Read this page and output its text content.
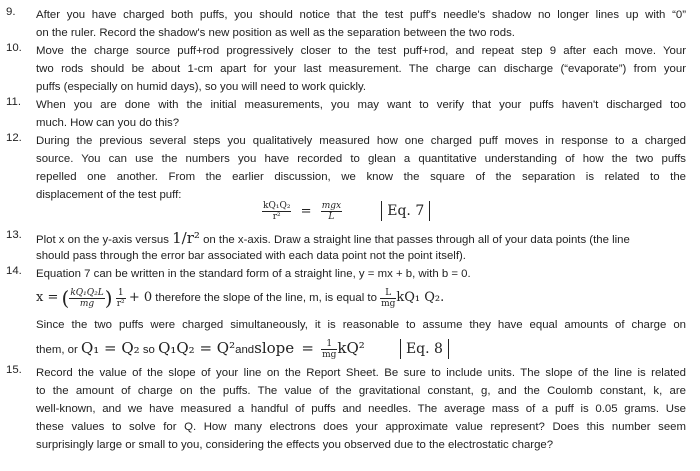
9. After you have charged both puffs, you should notice that the test puff's needle's shadow no longer lines up with “0”
on the ruler. Record the shadow's new position as well as the separation between the two rods.
10. Move the charge source puff+rod progressively closer to the test puff+rod, and repeat step 9 after each move. Your
two rods should be about 1-cm apart for your last measurement. The charge can discharge (“evaporate”) from your
puffs (especially on humid days), so you will need to work quickly.
11. When you are done with the initial measurements, you may want to verify that your puffs haven't discharged too
much. How can you do this?
12. During the previous several steps you qualitatively measured how one charged puff moves in response to a charged
source. You can use the numbers you have recorded to glean a quantitative understanding of how the two puffs
repelled one another. From the earlier discussion, we know the square of the separation is related to the
displacement of the test puff:
$\frac{\text{kQ₁Q₂}}{\text{r²}} = \frac{\text{mgx}}{L}$	Eq. 7
13. Plot x on the y-axis versus 1/r² on the x-axis. Draw a straight line that passes through all of your data points (the line
should pass through the error bar associated with each data point not the point itself).
14. Equation 7 can be written in the standard form of a straight line, y = mx + b, with b = 0.
x = ( $\frac{\text{kQ₁Q₂L}}{mg}$ ) $\frac{1}{\text{r²}} + 0$ therefore the slope of the line, m, is equal to $\frac{L}{mg} kQ_1$ Q₂.
Since the two puffs were charged simultaneously, it is reasonable to assume they have equal amounts of charge on
them, or Q₁ = Q₂ so Q₁Q₂ = Q²andslope = $\frac{1}{mg} kQ^2$	Eq. 8
15. Record the value of the slope of your line on the Report Sheet. Be sure to include units. The slope of the line is related
to the amount of charge on the puffs. The value of the gravitational constant, g, and the Coulomb constant, k, are
well-known, and we have measured a handful of puffs and needles. The average mass of a puff is 0.05 grams. Use
these values to solve for Q. How many electrons does your approximate value represent? Does this number seem
surprisingly large or small to you, considering the effects you observed due to the electrostatic charge?
